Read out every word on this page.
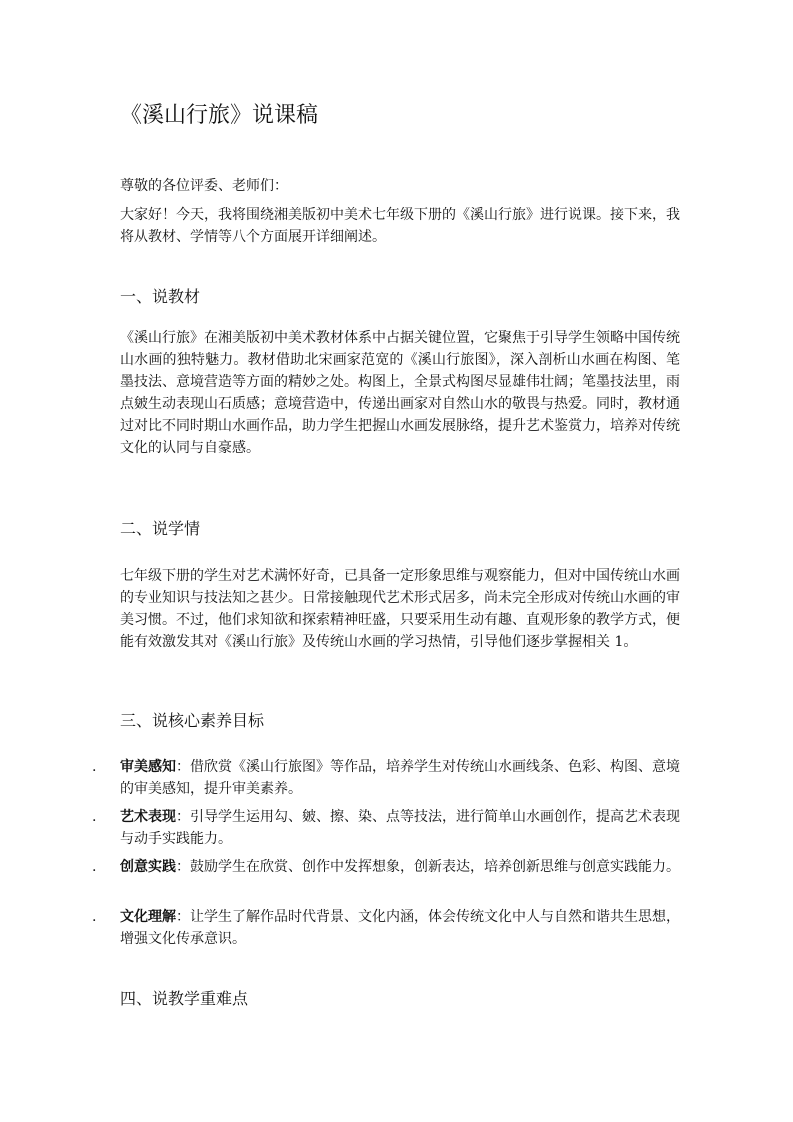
《溪山行旅》说课稿

尊敬的各位评委、老师们：

大家好！今天，我将围绕湘美版初中美术七年级下册的《溪山行旅》进行说课。接下来，我将从教材、学情等八个方面展开详细阐述。

一、说教材

《溪山行旅》在湘美版初中美术教材体系中占据关键位置，它聚焦于引导学生领略中国传统山水画的独特魅力。教材借助北宋画家范宽的《溪山行旅图》，深入剖析山水画在构图、笔墨技法、意境营造等方面的精妙之处。构图上，全景式构图尽显雄伟壮阔；笔墨技法里，雨点皴生动表现山石质感；意境营造中，传递出画家对自然山水的敬畏与热爱。同时，教材通过对比不同时期山水画作品，助力学生把握山水画发展脉络，提升艺术鉴赏力，培养对传统文化的认同与自豪感。

二、说学情

七年级下册的学生对艺术满怀好奇，已具备一定形象思维与观察能力，但对中国传统山水画的专业知识与技法知之甚少。日常接触现代艺术形式居多，尚未完全形成对传统山水画的审美习惯。不过，他们求知欲和探索精神旺盛，只要采用生动有趣、直观形象的教学方式，便能有效激发其对《溪山行旅》及传统山水画的学习热情，引导他们逐步掌握相关 1。

三、说核心素养目标
.	审美感知：借欣赏《溪山行旅图》等作品，培养学生对传统山水画线条、色彩、构图、意境的审美感知，提升审美素养。
.	艺术表现：引导学生运用勾、皴、擦、染、点等技法，进行简单山水画创作，提高艺术表现与动手实践能力。
.	创意实践：鼓励学生在欣赏、创作中发挥想象，创新表达，培养创新思维与创意实践能力。
.	文化理解：让学生了解作品时代背景、文化内涵，体会传统文化中人与自然和谐共生思想，增强文化传承意识。
四、说教学重难点
